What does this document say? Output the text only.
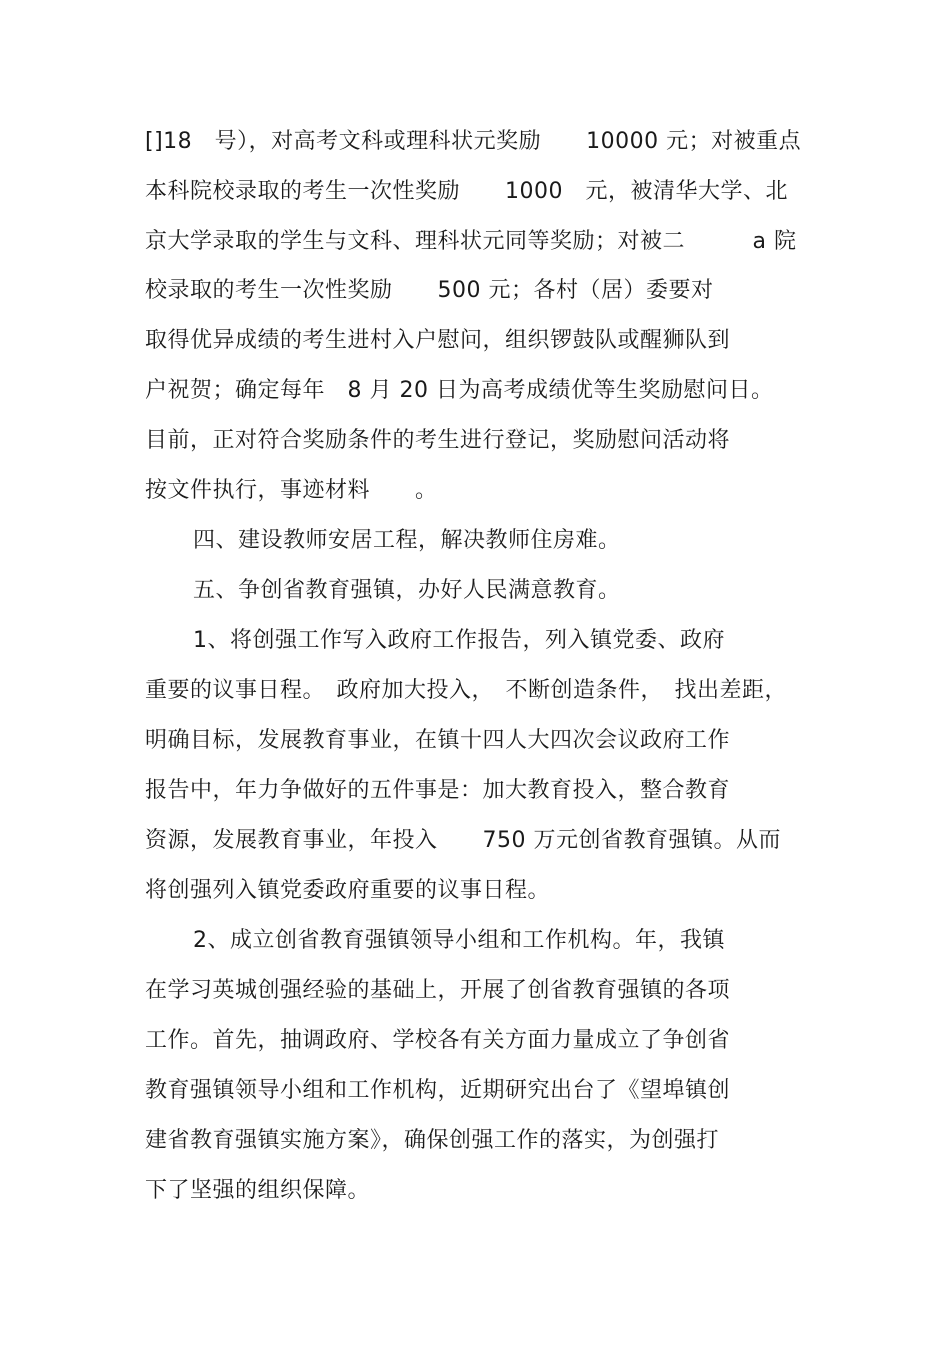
[]18　号），对高考文科或理科状元奖励　　10000 元；对被重点
本科院校录取的考生一次性奖励　　1000　元，被清华大学、北
京大学录取的学生与文科、理科状元同等奖励；对被二　　　a 院
校录取的考生一次性奖励　　500 元；各村（居）委要对
取得优异成绩的考生进村入户慰问，组织锣鼓队或醒狮队到
户祝贺；确定每年　8 月 20 日为高考成绩优等生奖励慰问日。
目前，正对符合奖励条件的考生进行登记，奖励慰问活动将
按文件执行，事迹材料　　。
四、建设教师安居工程，解决教师住房难。
五、争创省教育强镇，办好人民满意教育。
1、将创强工作写入政府工作报告，列入镇党委、政府
重要的议事日程。　政府加大投入，　不断创造条件，　找出差距，
明确目标，发展教育事业，在镇十四人大四次会议政府工作
报告中，年力争做好的五件事是：加大教育投入，整合教育
资源，发展教育事业，年投入　　750 万元创省教育强镇。从而
将创强列入镇党委政府重要的议事日程。
2、成立创省教育强镇领导小组和工作机构。年，我镇
在学习英城创强经验的基础上，开展了创省教育强镇的各项
工作。首先，抽调政府、学校各有关方面力量成立了争创省
教育强镇领导小组和工作机构，近期研究出台了《望埠镇创
建省教育强镇实施方案》，确保创强工作的落实，为创强打
下了坚强的组织保障。
